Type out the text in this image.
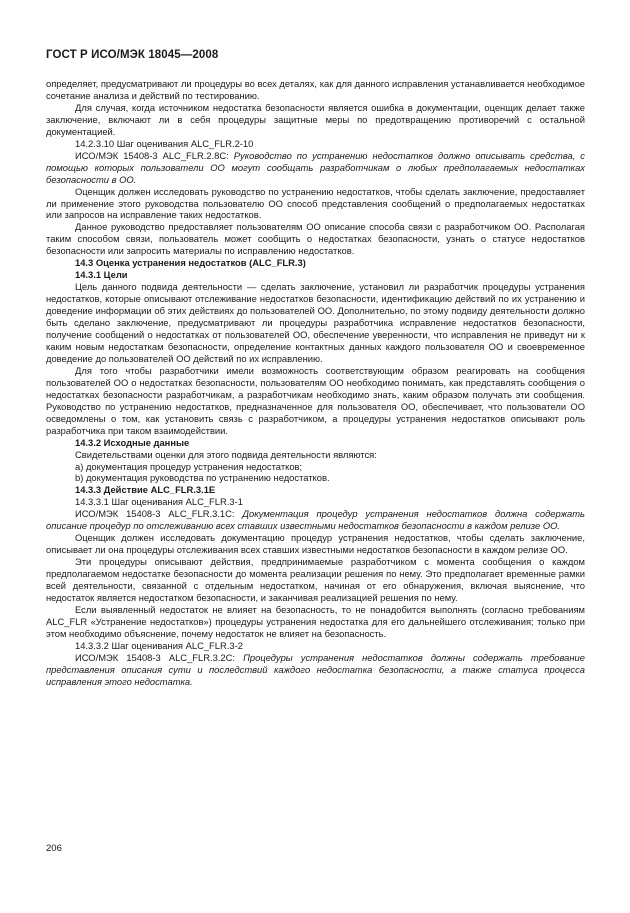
ГОСТ Р ИСО/МЭК 18045—2008

определяет, предусматривают ли процедуры во всех деталях, как для данного исправления устанавливается необходимое сочетание анализа и действий по тестированию.

Для случая, когда источником недостатка безопасности является ошибка в документации, оценщик делает также заключение, включают ли в себя процедуры защитные меры по предотвращению противоречий с остальной документацией.

14.2.3.10 Шаг оценивания ALC_FLR.2-10

ИСО/МЭК 15408-3 ALC_FLR.2.8С: Руководство по устранению недостатков должно описывать средства, с помощью которых пользователи ОО могут сообщать разработчикам о любых предполагаемых недостатках безопасности в ОО.

Оценщик должен исследовать руководство по устранению недостатков, чтобы сделать заключение, предоставляет ли применение этого руководства пользователю ОО способ представления сообщений о предполагаемых недостатках или запросов на исправление таких недостатков.

Данное руководство предоставляет пользователям ОО описание способа связи с разработчиком ОО. Располагая таким способом связи, пользователь может сообщить о недостатках безопасности, узнать о статусе недостатков безопасности или запросить материалы по исправлению недостатков.

14.3 Оценка устранения недостатков (ALC_FLR.3)

14.3.1 Цели

Цель данного подвида деятельности — сделать заключение, установил ли разработчик процедуры устранения недостатков, которые описывают отслеживание недостатков безопасности, идентификацию действий по их устранению и доведение информации об этих действиях до пользователей ОО. Дополнительно, по этому подвиду деятельности должно быть сделано заключение, предусматривают ли процедуры разработчика исправление недостатков безопасности, получение сообщений о недостатках от пользователей ОО, обеспечение уверенности, что исправления не приведут ни к каким новым недостаткам безопасности, определение контактных данных каждого пользователя ОО и своевременное доведение до пользователей ОО действий по их исправлению.

Для того чтобы разработчики имели возможность соответствующим образом реагировать на сообщения пользователей ОО о недостатках безопасности, пользователям ОО необходимо понимать, как представлять сообщения о недостатках безопасности разработчикам, а разработчикам необходимо знать, каким образом получать эти сообщения. Руководство по устранению недостатков, предназначенное для пользователя ОО, обеспечивает, что пользователи ОО осведомлены о том, как установить связь с разработчиком, а процедуры устранения недостатков описывают роль разработчика при таком взаимодействии.

14.3.2 Исходные данные

Свидетельствами оценки для этого подвида деятельности являются:

а) документация процедур устранения недостатков;

b) документация руководства по устранению недостатков.

14.3.3 Действие ALC_FLR.3.1E

14.3.3.1 Шаг оценивания ALC_FLR.3-1

ИСО/МЭК 15408-3 ALC_FLR.3.1C: Документация процедур устранения недостатков должна содержать описание процедур по отслеживанию всех ставших известными недостатков безопасности в каждом релизе ОО.

Оценщик должен исследовать документацию процедур устранения недостатков, чтобы сделать заключение, описывает ли она процедуры отслеживания всех ставших известными недостатков безопасности в каждом релизе ОО.

Эти процедуры описывают действия, предпринимаемые разработчиком с момента сообщения о каждом предполагаемом недостатке безопасности до момента реализации решения по нему. Это предполагает временные рамки всей деятельности, связанной с отдельным недостатком, начиная от его обнаружения, включая выяснение, что недостаток является недостатком безопасности, и заканчивая реализацией решения по нему.

Если выявленный недостаток не влияет на безопасность, то не понадобится выполнять (согласно требованиям ALC_FLR «Устранение недостатков») процедуры устранения недостатка для его дальнейшего отслеживания; только при этом необходимо объяснение, почему недостаток не влияет на безопасность.

14.3.3.2 Шаг оценивания ALC_FLR.3-2

ИСО/МЭК 15408-3 ALC_FLR.3.2C: Процедуры устранения недостатков должны содержать требование представления описания сути и последствий каждого недостатка безопасности, а также статуса процесса исправления этого недостатка.

206
